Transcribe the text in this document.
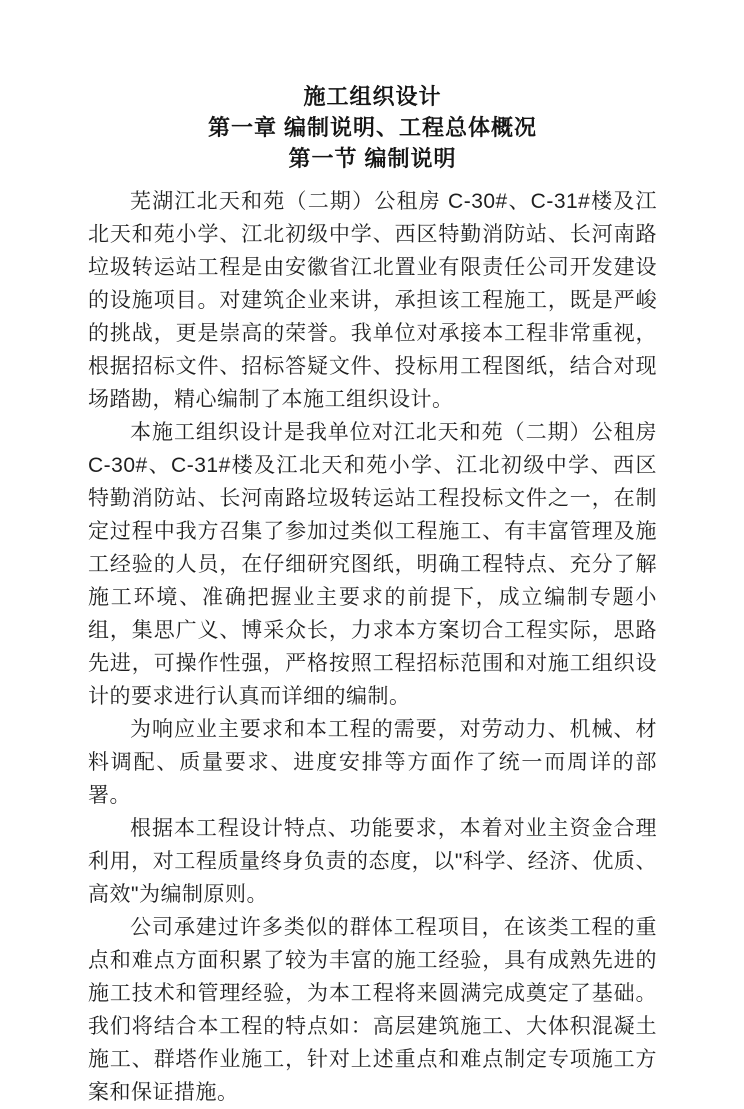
施工组织设计
第一章 编制说明、工程总体概况
第一节 编制说明

芜湖江北天和苑（二期）公租房 C-30#、C-31#楼及江北天和苑小学、江北初级中学、西区特勤消防站、长河南路垃圾转运站工程是由安徽省江北置业有限责任公司开发建设的设施项目。对建筑企业来讲，承担该工程施工，既是严峻的挑战，更是崇高的荣誉。我单位对承接本工程非常重视，根据招标文件、招标答疑文件、投标用工程图纸，结合对现场踏勘，精心编制了本施工组织设计。

本施工组织设计是我单位对江北天和苑（二期）公租房C-30#、C-31#楼及江北天和苑小学、江北初级中学、西区特勤消防站、长河南路垃圾转运站工程投标文件之一，在制定过程中我方召集了参加过类似工程施工、有丰富管理及施工经验的人员，在仔细研究图纸，明确工程特点、充分了解施工环境、准确把握业主要求的前提下，成立编制专题小组，集思广义、博采众长，力求本方案切合工程实际，思路先进，可操作性强，严格按照工程招标范围和对施工组织设计的要求进行认真而详细的编制。

为响应业主要求和本工程的需要，对劳动力、机械、材料调配、质量要求、进度安排等方面作了统一而周详的部署。

根据本工程设计特点、功能要求，本着对业主资金合理利用，对工程质量终身负责的态度，以"科学、经济、优质、高效"为编制原则。

公司承建过许多类似的群体工程项目，在该类工程的重点和难点方面积累了较为丰富的施工经验，具有成熟先进的施工技术和管理经验，为本工程将来圆满完成奠定了基础。我们将结合本工程的特点如：高层建筑施工、大体积混凝土施工、群塔作业施工，针对上述重点和难点制定专项施工方案和保证措施。
